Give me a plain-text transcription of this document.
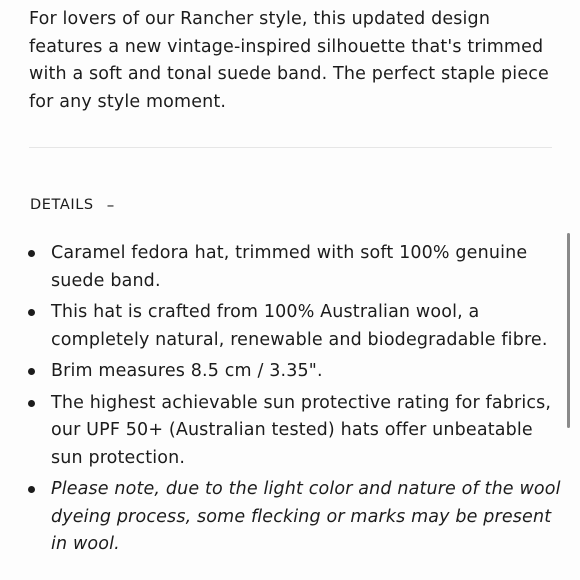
For lovers of our Rancher style, this updated design features a new vintage-inspired silhouette that's trimmed with a soft and tonal suede band. The perfect staple piece for any style moment.

DETAILS –
Caramel fedora hat, trimmed with soft 100% genuine suede band.
This hat is crafted from 100% Australian wool, a completely natural, renewable and biodegradable fibre.
Brim measures 8.5 cm / 3.35".
The highest achievable sun protective rating for fabrics, our UPF 50+ (Australian tested) hats offer unbeatable sun protection.
Please note, due to the light color and nature of the wool dyeing process, some flecking or marks may be present in wool.
